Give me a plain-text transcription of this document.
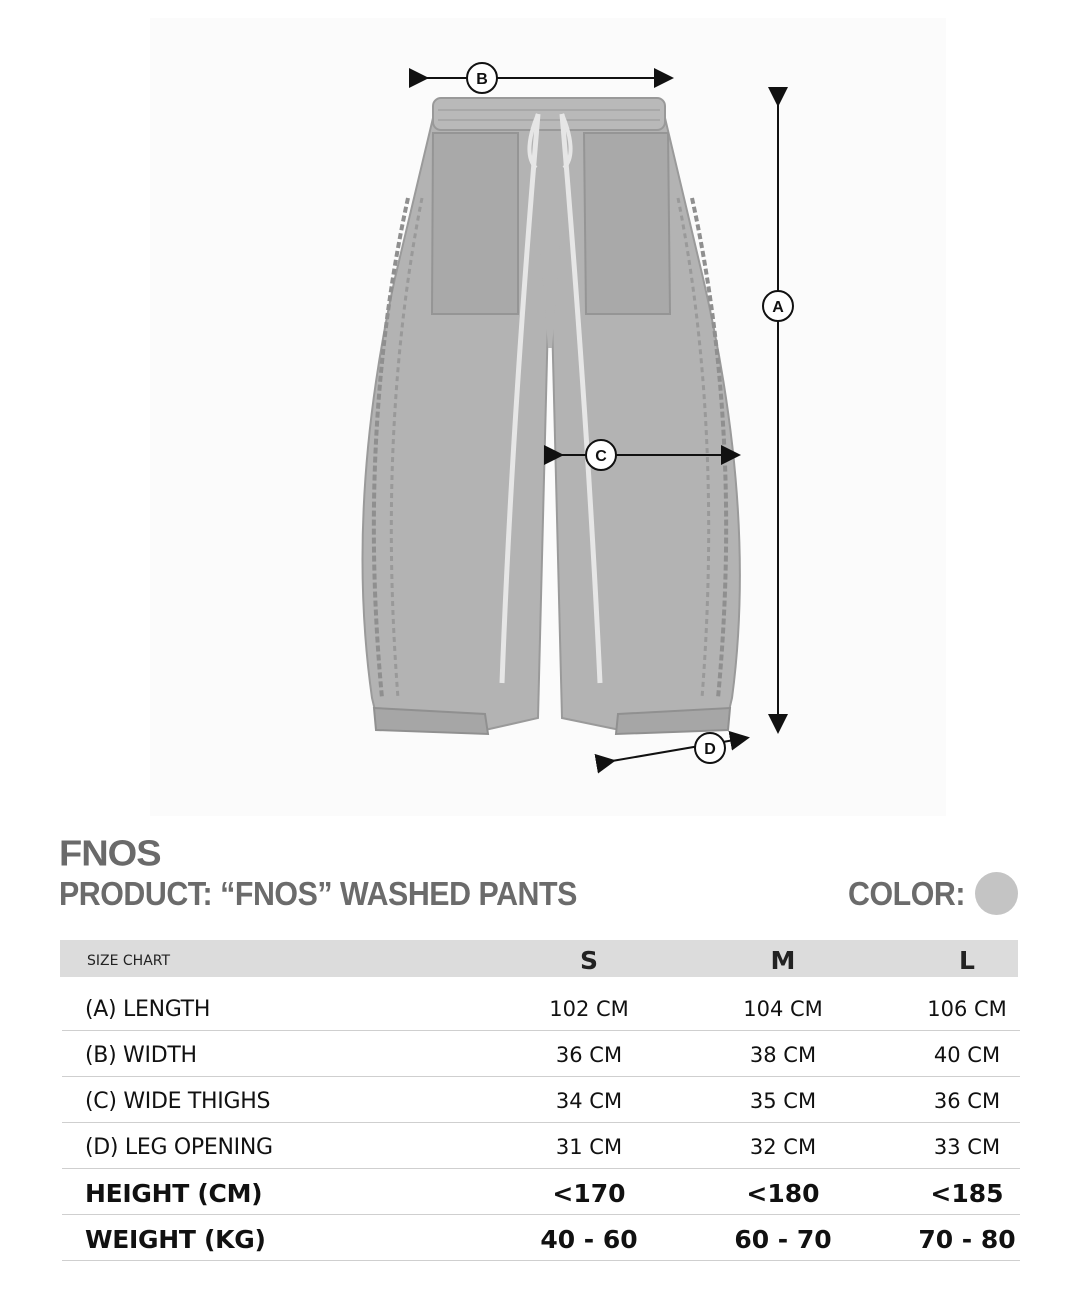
B
A
C
D
FNOS
PRODUCT: “FNOS” WASHED PANTS	COLOR:
SIZE CHART	S	M	L
(A) LENGTH	102 CM	104 CM	106 CM
(B) WIDTH	36 CM	38 CM	40 CM
(C) WIDE THIGHS	34 CM	35 CM	36 CM
(D) LEG OPENING	31 CM	32 CM	33 CM
HEIGHT (CM)	<170	<180	<185
WEIGHT (KG)	40 - 60	60 - 70	70 - 80
